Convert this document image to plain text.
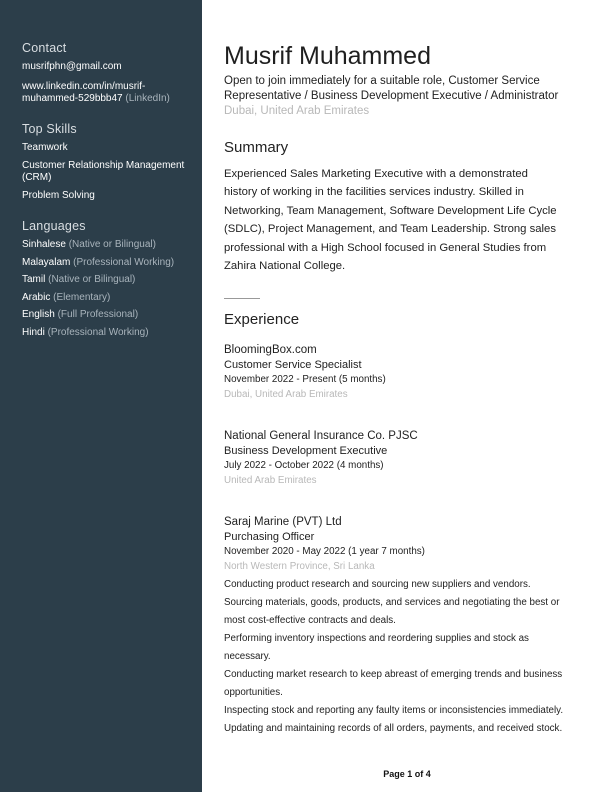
Contact

musrifphn@gmail.com

www.linkedin.com/in/musrif-

muhammed-529bbb47 (LinkedIn)

Top Skills

Teamwork

Customer Relationship Management

(CRM)

Problem Solving

Languages

Sinhalese (Native or Bilingual)

Malayalam (Professional Working)

Tamil (Native or Bilingual)

Arabic (Elementary)

English (Full Professional)

Hindi (Professional Working)

Musrif Muhammed

Open to join immediately for a suitable role, Customer Service

Representative / Business Development Executive / Administrator

Dubai, United Arab Emirates

Summary

Experienced Sales Marketing Executive with a demonstrated

history of working in the facilities services industry. Skilled in

Networking, Team Management, Software Development Life Cycle

(SDLC), Project Management, and Team Leadership. Strong sales

professional with a High School focused in General Studies from

Zahira National College.

Experience

BloomingBox.com

Customer Service Specialist

November 2022 - Present (5 months)

Dubai, United Arab Emirates

National General Insurance Co. PJSC

Business Development Executive

July 2022 - October 2022 (4 months)

United Arab Emirates

Saraj Marine (PVT) Ltd

Purchasing Officer

November 2020 - May 2022 (1 year 7 months)

North Western Province, Sri Lanka

Conducting product research and sourcing new suppliers and vendors.

Sourcing materials, goods, products, and services and negotiating the best or

most cost-effective contracts and deals.

Performing inventory inspections and reordering supplies and stock as

necessary.

Conducting market research to keep abreast of emerging trends and business

opportunities.

Inspecting stock and reporting any faulty items or inconsistencies immediately.

Updating and maintaining records of all orders, payments, and received stock.

Page 1 of 4
